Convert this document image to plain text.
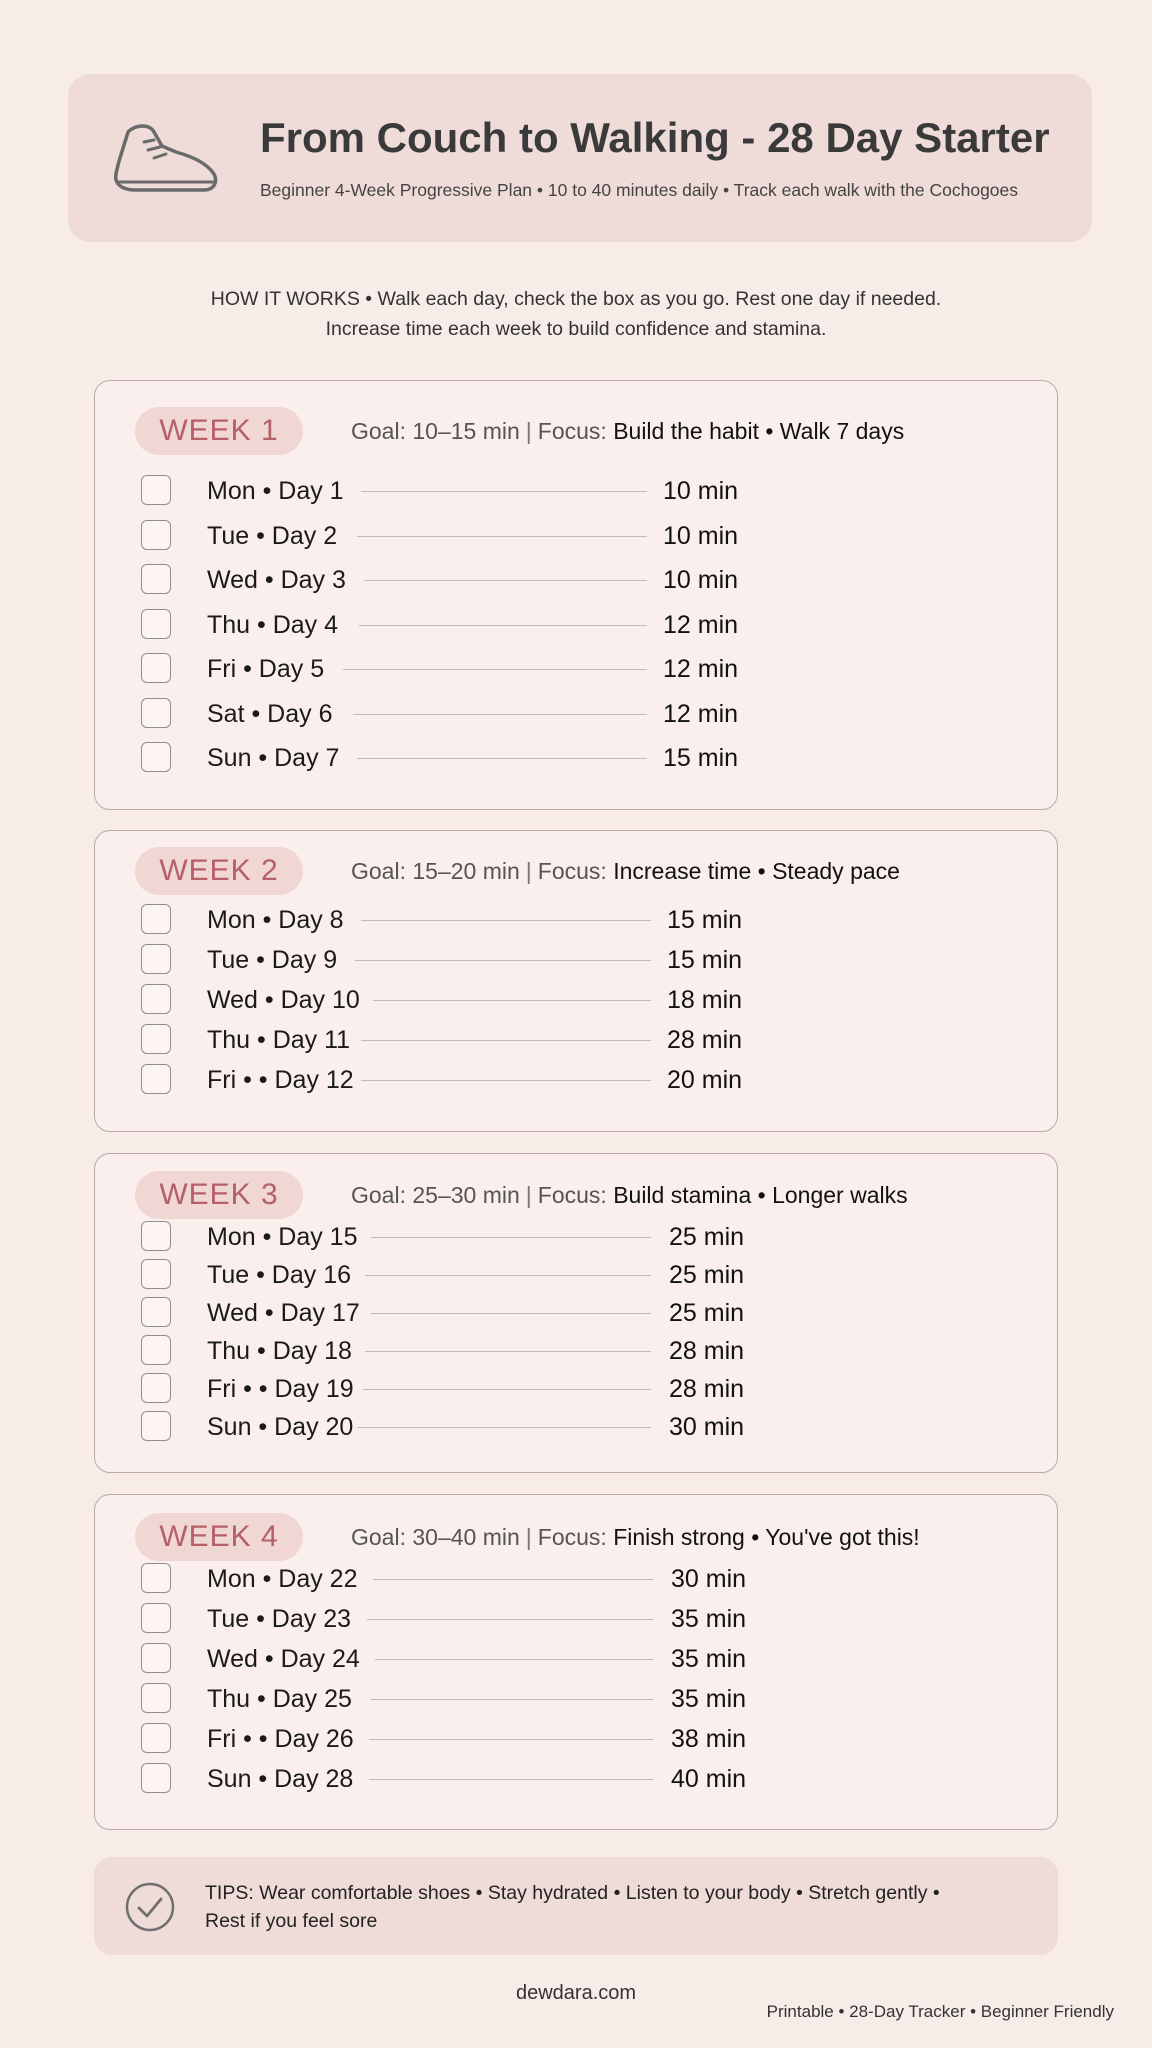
From Couch to Walking - 28 Day Starter
Beginner 4-Week Progressive Plan • 10 to 40 minutes daily • Track each walk with the Cochogoes
HOW IT WORKS • Walk each day, check the box as you go. Rest one day if needed.
Increase time each week to build confidence and stamina.
WEEK 1	Goal: 10–15 min | Focus: Build the habit • Walk 7 days
Mon • Day 1	10 min
Tue • Day 2	10 min
Wed • Day 3	10 min
Thu • Day 4	12 min
Fri • Day 5	12 min
Sat • Day 6	12 min
Sun • Day 7	15 min
WEEK 2	Goal: 15–20 min | Focus: Increase time • Steady pace
Mon • Day 8	15 min
Tue • Day 9	15 min
Wed • Day 10	18 min
Thu • Day 11	28 min
Fri • • Day 12	20 min
WEEK 3	Goal: 25–30 min | Focus: Build stamina • Longer walks
Mon • Day 15	25 min
Tue • Day 16	25 min
Wed • Day 17	25 min
Thu • Day 18	28 min
Fri • • Day 19	28 min
Sun • Day 20	30 min
WEEK 4	Goal: 30–40 min | Focus: Finish strong • You've got this!
Mon • Day 22	30 min
Tue • Day 23	35 min
Wed • Day 24	35 min
Thu • Day 25	35 min
Fri • • Day 26	38 min
Sun • Day 28	40 min
TIPS: Wear comfortable shoes • Stay hydrated • Listen to your body • Stretch gently •
Rest if you feel sore
dewdara.com
Printable • 28-Day Tracker • Beginner Friendly
